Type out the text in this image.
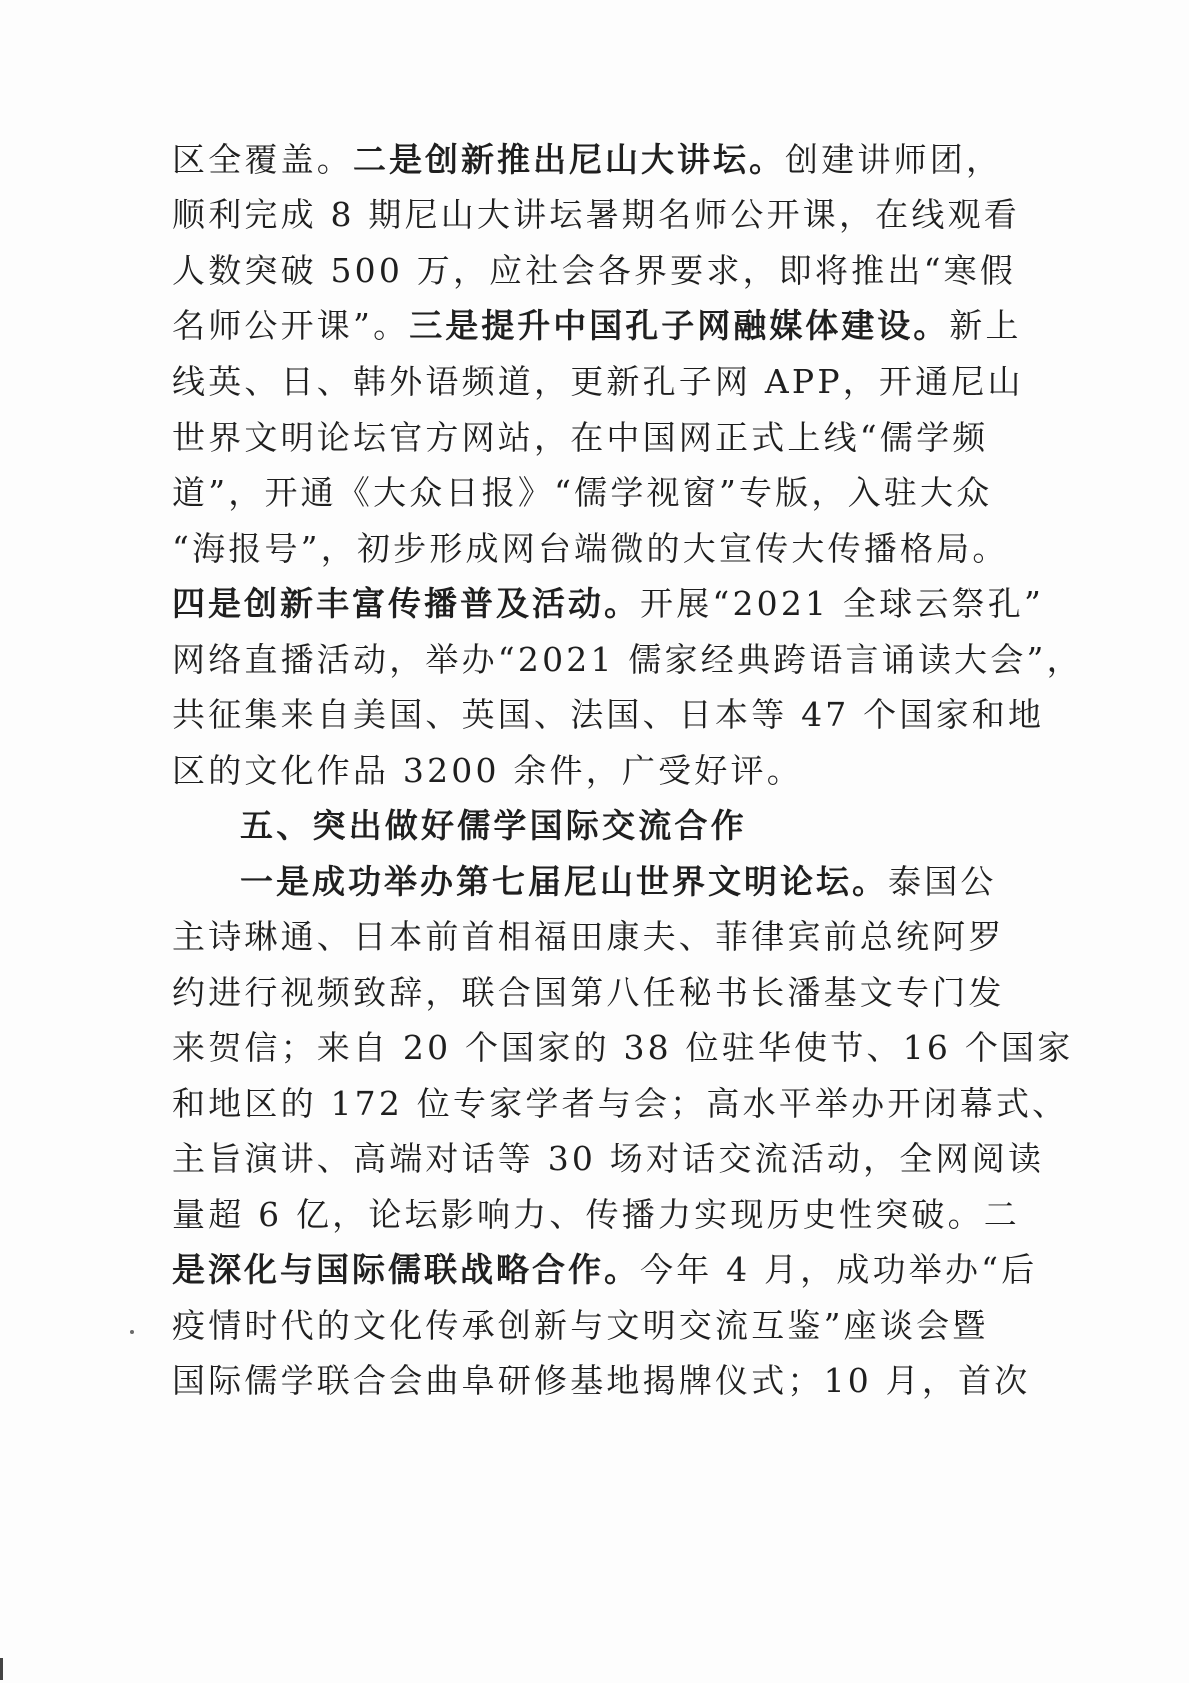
区全覆盖。二是创新推出尼山大讲坛。创建讲师团，
顺利完成 8 期尼山大讲坛暑期名师公开课，在线观看
人数突破 500 万，应社会各界要求，即将推出“寒假
名师公开课”。三是提升中国孔子网融媒体建设。新上
线英、日、韩外语频道，更新孔子网 APP，开通尼山
世界文明论坛官方网站，在中国网正式上线“儒学频
道”，开通《大众日报》“儒学视窗”专版，入驻大众
“海报号”，初步形成网台端微的大宣传大传播格局。
四是创新丰富传播普及活动。开展“2021 全球云祭孔”
网络直播活动，举办“2021 儒家经典跨语言诵读大会”，
共征集来自美国、英国、法国、日本等 47 个国家和地
区的文化作品 3200 余件，广受好评。
五、突出做好儒学国际交流合作
一是成功举办第七届尼山世界文明论坛。泰国公
主诗琳通、日本前首相福田康夫、菲律宾前总统阿罗
约进行视频致辞，联合国第八任秘书长潘基文专门发
来贺信；来自 20 个国家的 38 位驻华使节、16 个国家
和地区的 172 位专家学者与会；高水平举办开闭幕式、
主旨演讲、高端对话等 30 场对话交流活动，全网阅读
量超 6 亿，论坛影响力、传播力实现历史性突破。二
是深化与国际儒联战略合作。今年 4 月，成功举办“后
疫情时代的文化传承创新与文明交流互鉴”座谈会暨
国际儒学联合会曲阜研修基地揭牌仪式；10 月，首次
